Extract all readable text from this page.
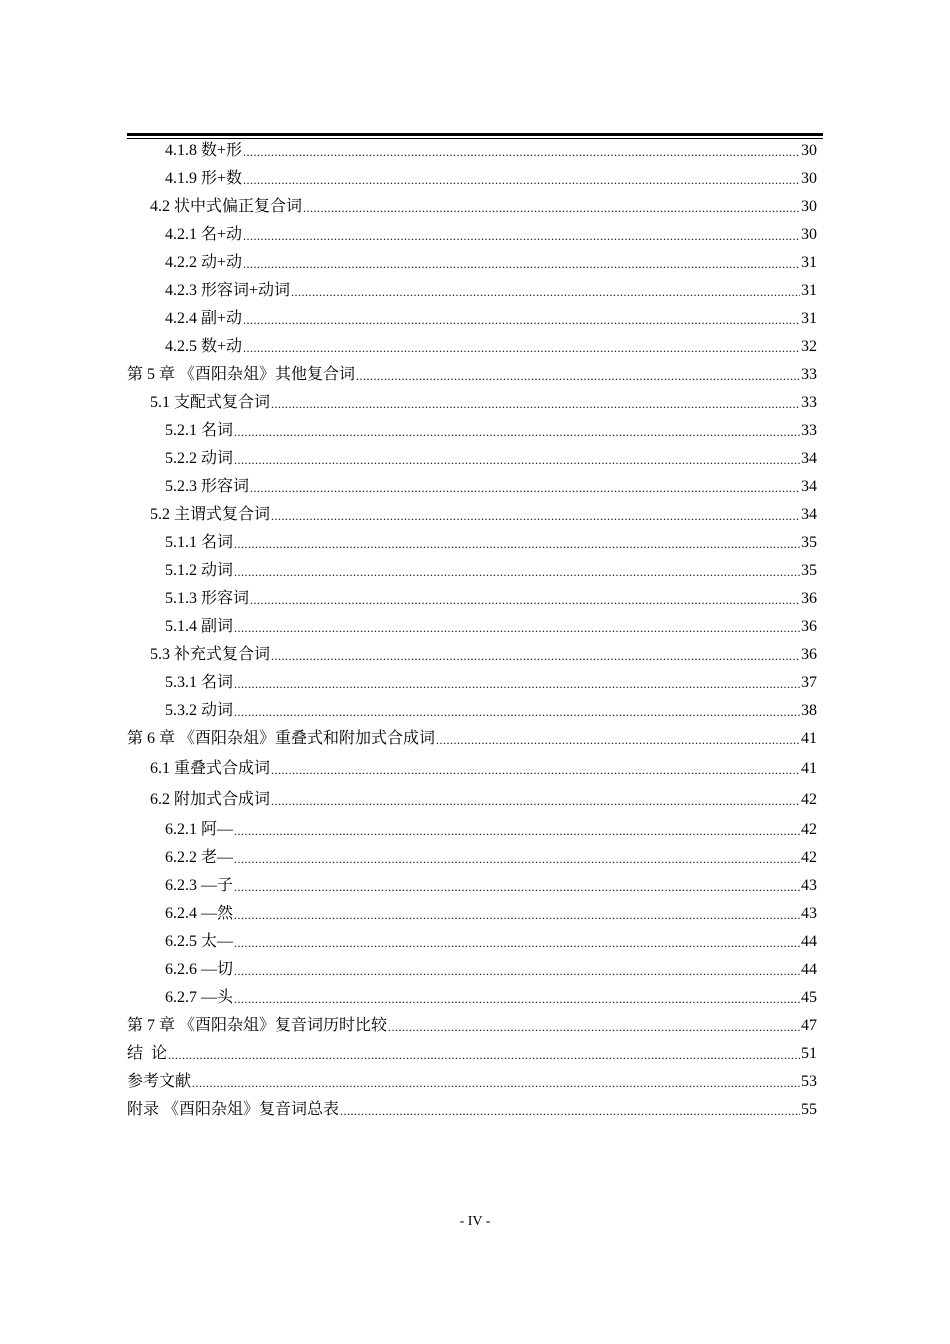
4.1.8 数+形 .....	30
4.1.9 形+数 .....	30
4.2 状中式偏正复合词 .....	30
4.2.1 名+动 .....	30
4.2.2 动+动 .....	31
4.2.3 形容词+动词 .....	31
4.2.4 副+动 .....	31
4.2.5 数+动 .....	32
第 5 章 《酉阳杂俎》其他复合词 .....	33
5.1 支配式复合词 .....	33
5.2.1 名词 .....	33
5.2.2 动词 .....	34
5.2.3 形容词 .....	34
5.2 主谓式复合词 .....	34
5.1.1 名词 .....	35
5.1.2 动词 .....	35
5.1.3 形容词 .....	36
5.1.4 副词 .....	36
5.3 补充式复合词 .....	36
5.3.1 名词 .....	37
5.3.2 动词 .....	38
第 6 章 《酉阳杂俎》重叠式和附加式合成词 .....	41
6.1 重叠式合成词 .....	41
6.2 附加式合成词 .....	42
6.2.1 阿— .....	42
6.2.2 老— .....	42
6.2.3 —子 .....	43
6.2.4 —然 .....	43
6.2.5 太— .....	44
6.2.6 —切 .....	44
6.2.7 —头 .....	45
第 7 章 《酉阳杂俎》复音词历时比较 .....	47
结  论 .....	51
参考文献 .....	53
附录 《酉阳杂俎》复音词总表 .....	55
- IV -
